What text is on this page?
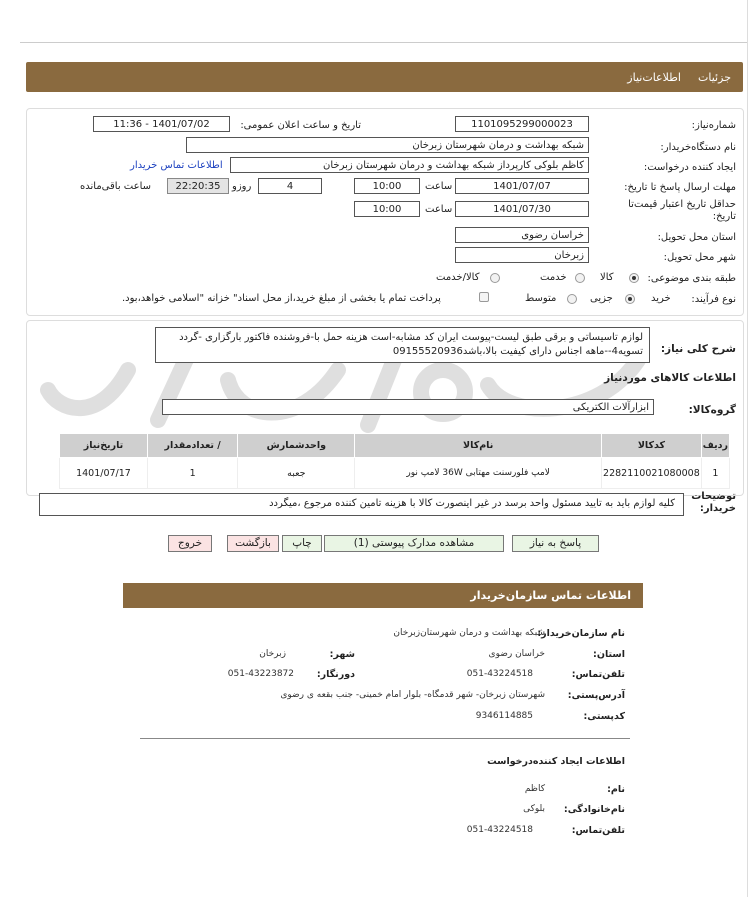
جزئیات
اطلاعات‌نیاز
شماره‌نیاز:
1101095299000023
تاریخ و ساعت اعلان عمومی:
1401/07/02 - 11:36
نام دستگاه‌خریدار:
شبکه بهداشت و درمان شهرستان زبرخان
ایجاد کننده درخواست:
کاظم بلوکی کارپرداز شبکه بهداشت و درمان شهرستان زبرخان
اطلاعات تماس خریدار
مهلت ارسال پاسخ تا تاریخ:
1401/07/07
ساعت
10:00
4
روزو
22:20:35
ساعت باقی‌مانده
حداقل تاریخ اعتبار قیمت‌تا تاریخ:
1401/07/30
ساعت
10:00
استان محل تحویل:
خراسان رضوی
شهر محل تحویل:
زبرخان
طبقه بندی موضوعی:
کالا
خدمت
کالا/خدمت
نوع فرآیند:
خرید
جزیی
متوسط
پرداخت تمام یا بخشی از مبلغ خرید،از محل اسناد" خزانه "اسلامی خواهد،بود.
شرح کلی نیاز:
لوازم تاسیساتی و برقی طبق لیست-پیوست ایران کد مشابه-است هزینه حمل با-فروشنده فاکتور بارگزاری -گردد تسویه4--ماهه اجناس دارای کیفیت بالا،باشد09155520936
اطلاعات کالاهای موردنیاز
گروه‌کالا:
ابزارآلات الکتریکی
ردیف	کدکالا	نام‌کالا	واحدشمارش	/ تعدادمقدار	تاریخ‌نیاز
1	2282110021080008	لامپ فلورسنت مهتابی 36W لامپ نور	جعبه	1	1401/07/17
توضیحات خریدار:
کلیه لوازم باید به تایید مسئول واحد برسد در غیر اینصورت کالا با هزینه تامین کننده مرجوع ،میگردد
پاسخ به نیاز
مشاهده مدارک پیوستی (1)
چاپ
بازگشت
خروج
اطلاعات تماس سازمان‌خریدار
نام سازمان‌خریدار:
شبکه بهداشت و درمان شهرستان‌زبرخان
استان:
خراسان رضوی
شهر:
زبرخان
تلفن‌تماس:
051-43224518
دورنگار:
051-43223872
آدرس‌پستی:
شهرستان زبرخان- شهر قدمگاه- بلوار امام خمینی- جنب بقعه ی رضوی
کدپستی:
9346114885
اطلاعات ایجاد کننده‌درخواست
نام:
کاظم
نام‌خانوادگی:
بلوکی
تلفن‌تماس:
051-43224518
